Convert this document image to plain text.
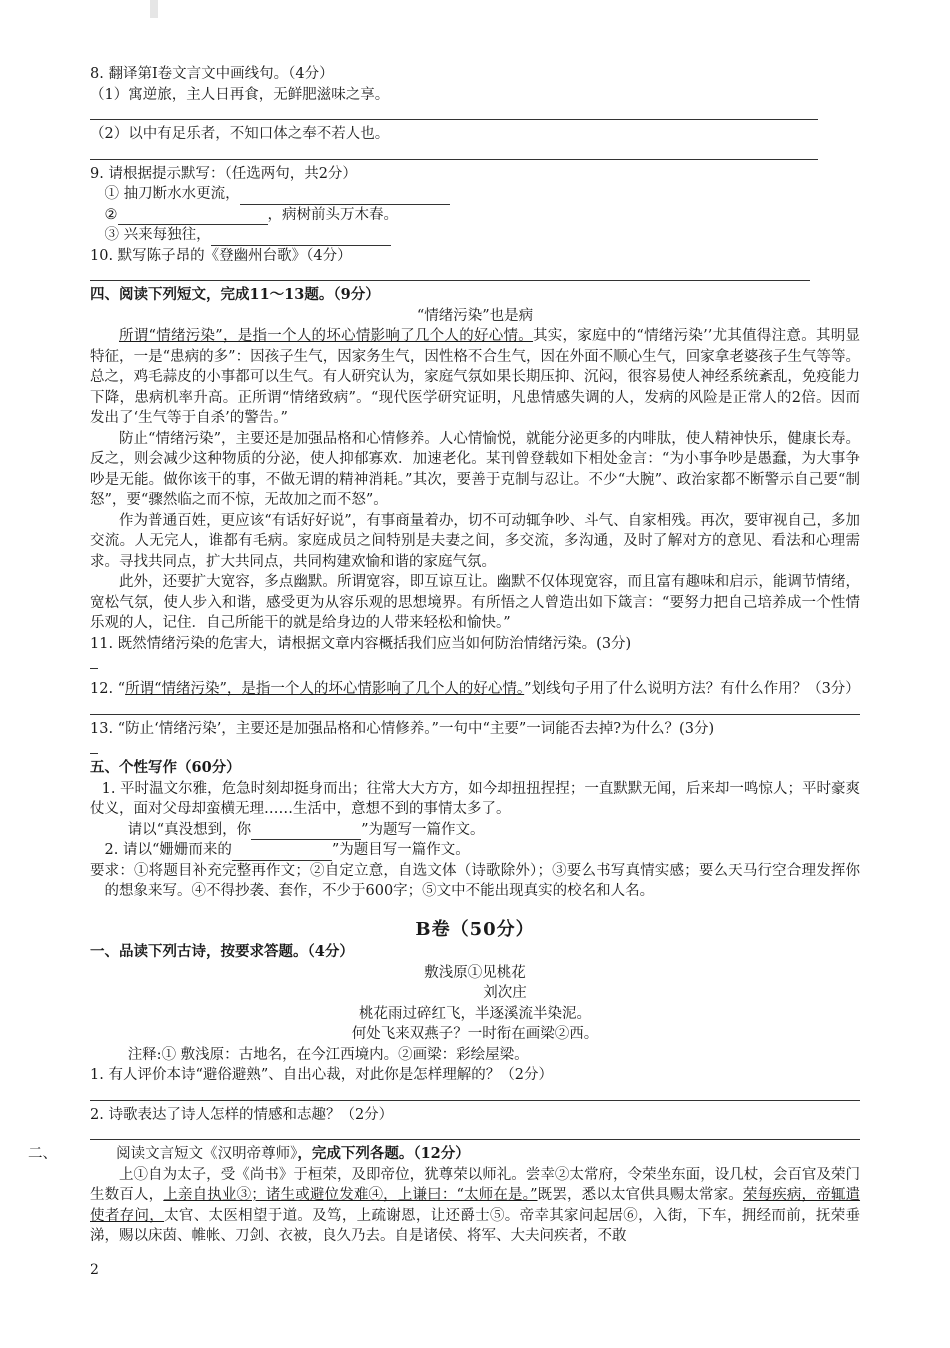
8. 翻译第Ⅰ卷文言文中画线句。（4分）
（1）寓逆旅，主人日再食，无鲜肥滋味之享。
（2）以中有足乐者，不知口体之奉不若人也。
9. 请根据提示默写：（任选两句，共2分）
① 抽刀断水水更流，
②	，病树前头万木春。
③ 兴来每独往，
10. 默写陈子昂的《登幽州台歌》（4分）
四、阅读下列短文，完成11～13题。（9分）
“情绪污染”也是病
所谓“情绪污染”，是指一个人的坏心情影响了几个人的好心情。其实，家庭中的“情绪污染’’尤其值得注意。其明显特征，一是“患病的多”：因孩子生气，因家务生气，因性格不合生气，因在外面不顺心生气，回家拿老婆孩子生气等等。总之，鸡毛蒜皮的小事都可以生气。有人研究认为，家庭气氛如果长期压抑、沉闷，很容易使人神经系统紊乱，免疫能力下降，患病机率升高。正所谓“情绪致病”。“现代医学研究证明，凡患情感失调的人，发病的风险是正常人的2倍。因而发出了‘生气等于自杀’的警告。”
防止“情绪污染”，主要还是加强品格和心情修养。人心情愉悦，就能分泌更多的内啡肽，使人精神快乐，健康长寿。反之，则会减少这种物质的分泌，使人抑郁寡欢．加速老化。某刊曾登载如下相处金言：“为小事争吵是愚蠢，为大事争吵是无能。做你该干的事，不做无谓的精神消耗。”其次，要善于克制与忍让。不少“大腕”、政治家都不断警示自己要“制怒”，要“骤然临之而不惊，无故加之而不怒”。
作为普通百姓，更应该“有话好好说”，有事商量着办，切不可动辄争吵、斗气、自家相残。再次，要审视自己，多加交流。人无完人，谁都有毛病。家庭成员之间特别是夫妻之间，多交流，多沟通，及时了解对方的意见、看法和心理需求。寻找共同点，扩大共同点，共同构建欢愉和谐的家庭气氛。
此外，还要扩大宽容，多点幽默。所谓宽容，即互谅互让。幽默不仅体现宽容，而且富有趣味和启示，能调节情绪，宽松气氛，使人步入和谐，感受更为从容乐观的思想境界。有所悟之人曾造出如下箴言：“要努力把自己培养成一个性情乐观的人，记住．自己所能干的就是给身边的人带来轻松和愉快。”
11. 既然情绪污染的危害大，请根据文章内容概括我们应当如何防治情绪污染。(3分)
12. “所谓“情绪污染”，是指一个人的坏心情影响了几个人的好心情。”划线句子用了什么说明方法？有什么作用？（3分）
13. “防止‘情绪污染’，主要还是加强品格和心情修养。”一句中“主要”一词能否去掉?为什么？(3分)
五、个性写作（60分）
1. 平时温文尔雅，危急时刻却挺身而出；往常大大方方，如今却扭扭捏捏；一直默默无闻，后来却一鸣惊人；平时豪爽仗义，面对父母却蛮横无理……生活中，意想不到的事情太多了。
请以“真没想到，你	”为题写一篇作文。
2. 请以“姗姗而来的	”为题目写一篇作文。
要求：①将题目补充完整再作文；②自定立意，自选文体（诗歌除外）；③要么书写真情实感；要么天马行空合理发挥你的想象来写。④不得抄袭、套作，不少于600字；⑤文中不能出现真实的校名和人名。
B卷（50分）
一、品读下列古诗，按要求答题。（4分）
敷浅原①见桃花
刘次庄
桃花雨过碎红飞，半逐溪流半染泥。
何处飞来双燕子？一时衔在画梁②西。
注释:① 敷浅原：古地名，在今江西境内。②画梁：彩绘屋梁。
1. 有人评价本诗“避俗避熟”、自出心裁，对此你是怎样理解的？（2分）
2. 诗歌表达了诗人怎样的情感和志趣？（2分）
二、	阅读文言短文《汉明帝尊师》，完成下列各题。（12分）
上①自为太子，受《尚书》于桓荣，及即帝位，犹尊荣以师礼。尝幸②太常府，令荣坐东面，设几杖，会百官及荣门生数百人，上亲自执业③；诸生或避位发难④，上谦曰：“太师在是。”既罢，悉以太官供具赐太常家。荣每疾病，帝辄遣使者存问，太官、太医相望于道。及笃，上疏谢恩，让还爵士⑤。帝幸其家问起居⑥，入街，下车，拥经而前，抚荣垂涕，赐以床茵、帷帐、刀剑、衣被，良久乃去。自是诸侯、将军、大夫问疾者，不敢
2
